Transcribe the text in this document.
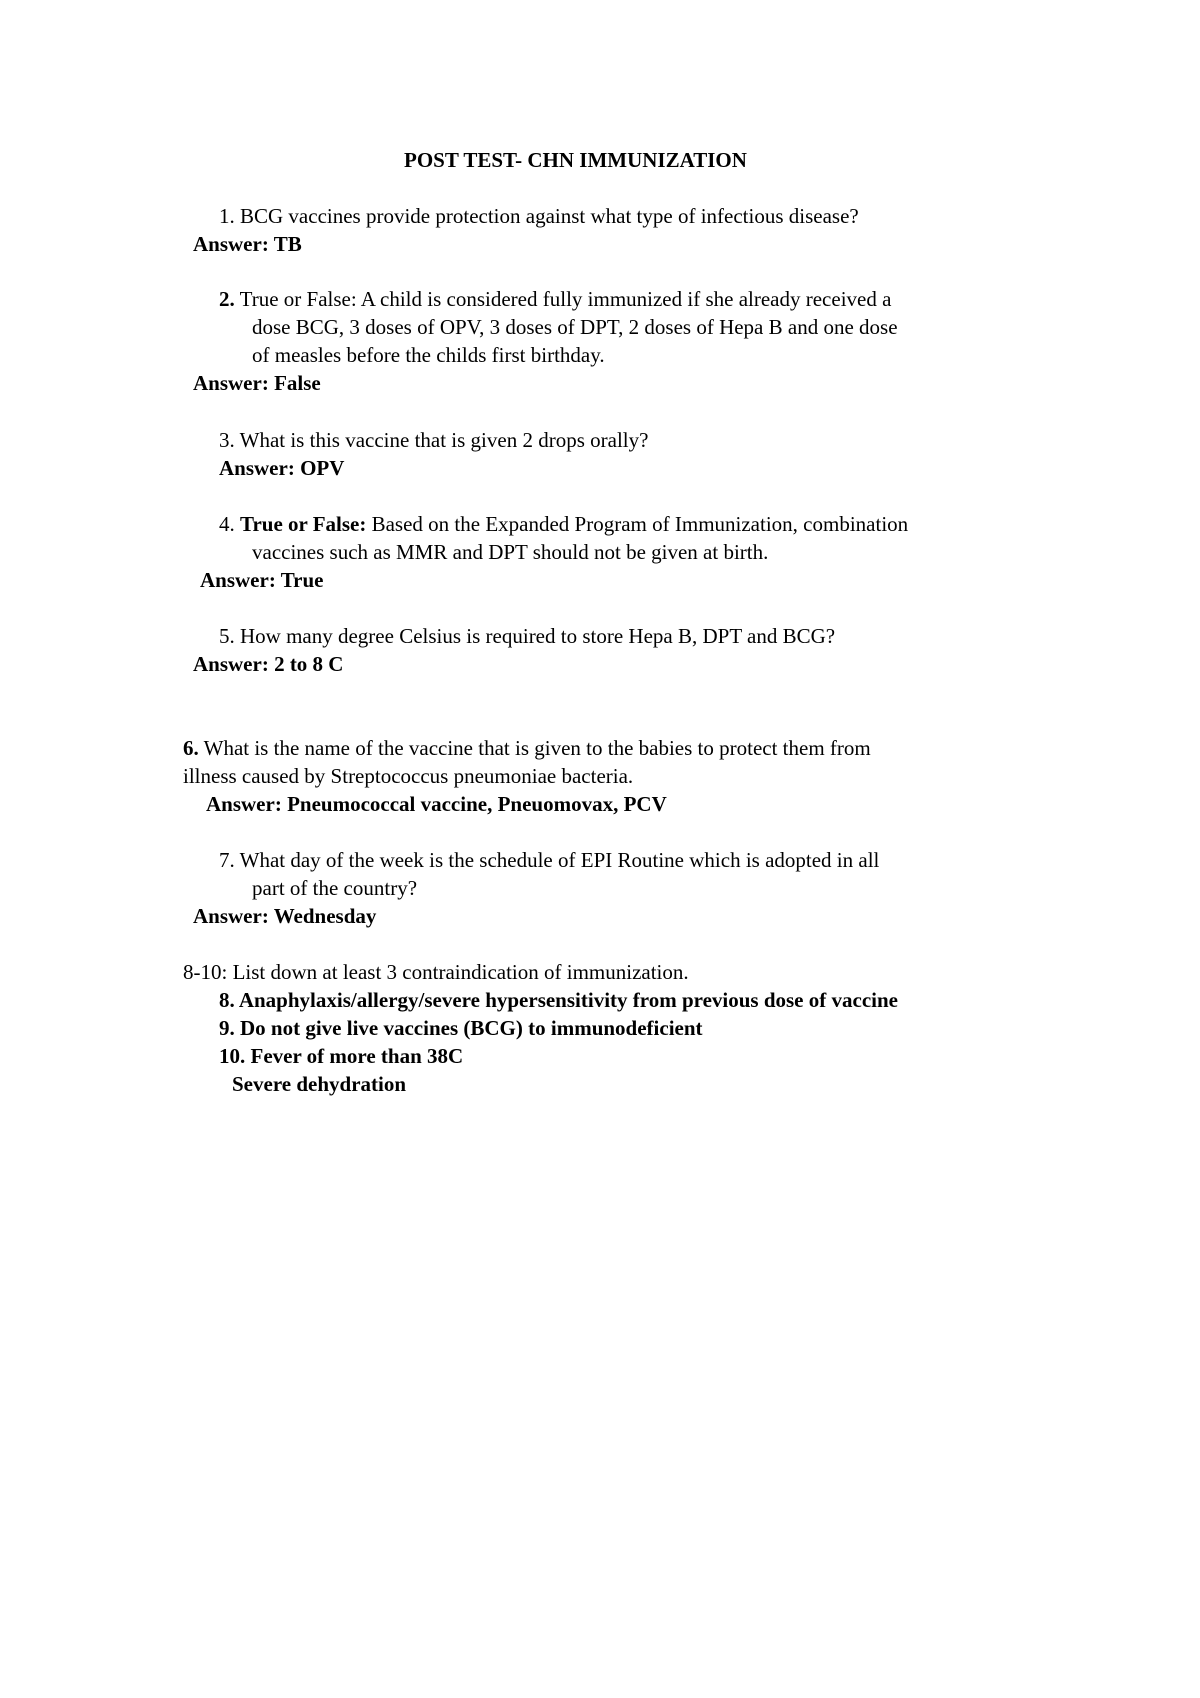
POST TEST- CHN IMMUNIZATION
1. BCG vaccines provide protection against what type of infectious disease?
Answer: TB
2. True or False: A child is considered fully immunized if she already received a
dose BCG, 3 doses of OPV, 3 doses of DPT, 2 doses of Hepa B and one dose
of measles before the childs first birthday.
Answer: False
3. What is this vaccine that is given 2 drops orally?
Answer: OPV
4. True or False: Based on the Expanded Program of Immunization, combination
vaccines such as MMR and DPT should not be given at birth.
Answer: True
5. How many degree Celsius is required to store Hepa B, DPT and BCG?
Answer: 2 to 8 C
6. What is the name of the vaccine that is given to the babies to protect them from
illness caused by Streptococcus pneumoniae bacteria.
Answer: Pneumococcal vaccine, Pneuomovax, PCV
7. What day of the week is the schedule of EPI Routine which is adopted in all
part of the country?
Answer: Wednesday
8-10: List down at least 3 contraindication of immunization.
8. Anaphylaxis/allergy/severe hypersensitivity from previous dose of vaccine
9. Do not give live vaccines (BCG) to immunodeficient
10. Fever of more than 38C
Severe dehydration
